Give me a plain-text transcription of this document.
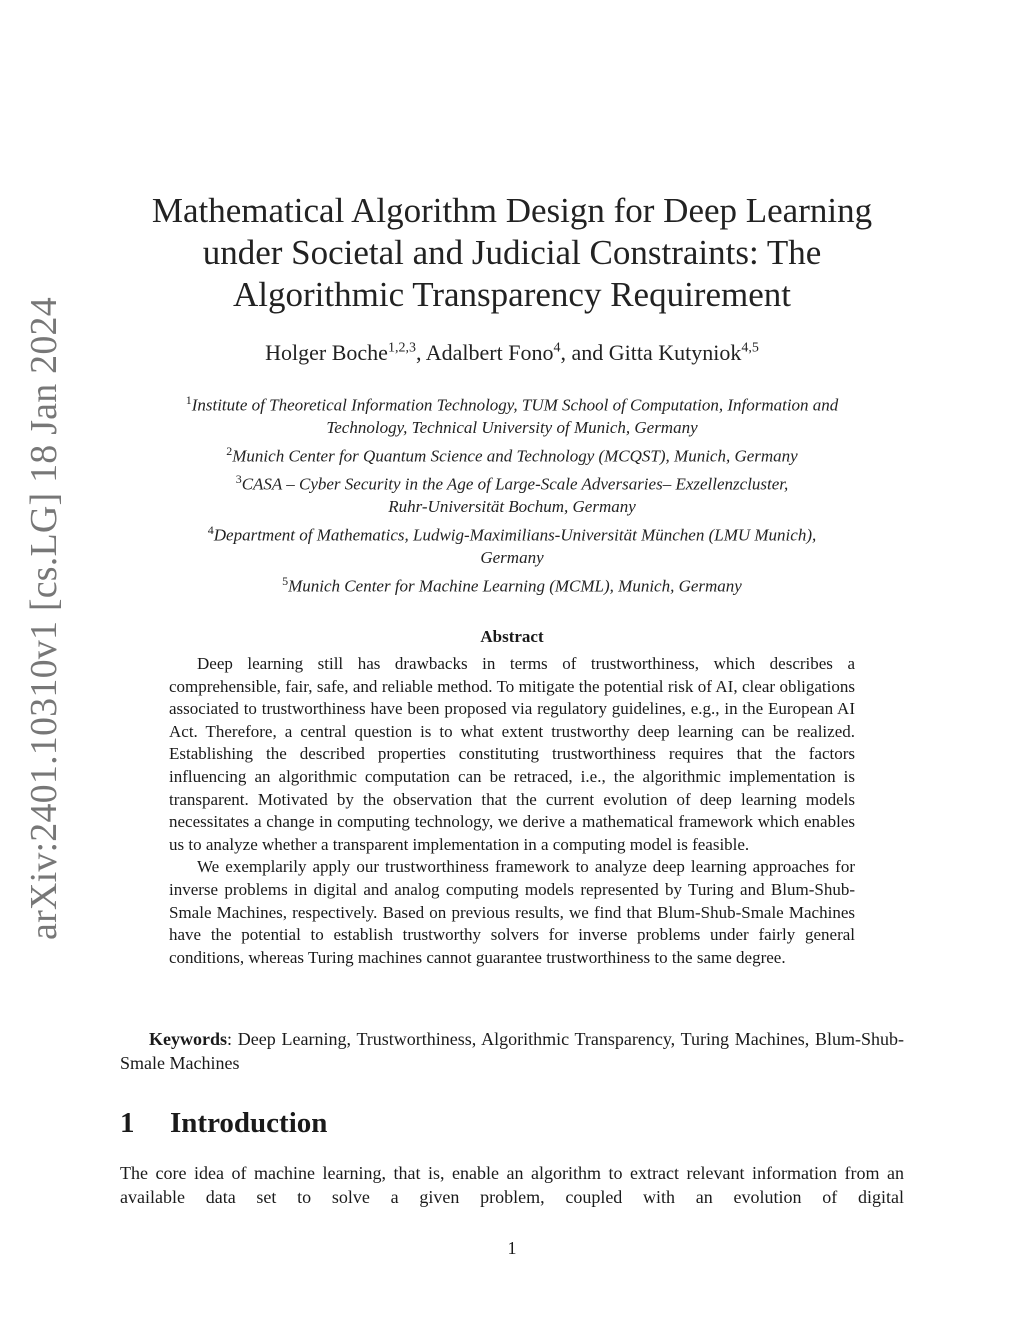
arXiv:2401.10310v1 [cs.LG] 18 Jan 2024
Mathematical Algorithm Design for Deep Learning
under Societal and Judicial Constraints: The
Algorithmic Transparency Requirement
Holger Boche$^{1,2,3}$, Adalbert Fono$^4$, and Gitta Kutyniok$^{4,5}$
$^1$Institute of Theoretical Information Technology, TUM School of Computation, Information and
Technology, Technical University of Munich, Germany
$^2$Munich Center for Quantum Science and Technology (MCQST), Munich, Germany
$^3$CASA – Cyber Security in the Age of Large-Scale Adversaries– Exzellenzcluster,
Ruhr-Universität Bochum, Germany
$^4$Department of Mathematics, Ludwig-Maximilians-Universität München (LMU Munich),
Germany
$^5$Munich Center for Machine Learning (MCML), Munich, Germany
Abstract

Deep learning still has drawbacks in terms of trustworthiness, which describes a comprehensible, fair, safe, and reliable method. To mitigate the potential risk of AI, clear obligations associated to trustworthiness have been proposed via regulatory guidelines, e.g., in the European AI Act. Therefore, a central question is to what extent trustworthy deep learning can be realized. Establishing the described properties constituting trustworthiness requires that the factors influencing an algorithmic computation can be retraced, i.e., the algorithmic implementation is transparent. Motivated by the observation that the current evolution of deep learning models necessitates a change in computing technology, we derive a mathematical framework which enables us to analyze whether a transparent implementation in a computing model is feasible.

We exemplarily apply our trustworthiness framework to analyze deep learning approaches for inverse problems in digital and analog computing models represented by Turing and Blum-Shub-Smale Machines, respectively. Based on previous results, we find that Blum-Shub-Smale Machines have the potential to establish trustworthy solvers for inverse problems under fairly general conditions, whereas Turing machines cannot guarantee trustworthiness to the same degree.

Keywords: Deep Learning, Trustworthiness, Algorithmic Transparency, Turing Machines, Blum-Shub-Smale Machines
1 Introduction
The core idea of machine learning, that is, enable an algorithm to extract relevant information from an available data set to solve a given problem, coupled with an evolution of digital
1
